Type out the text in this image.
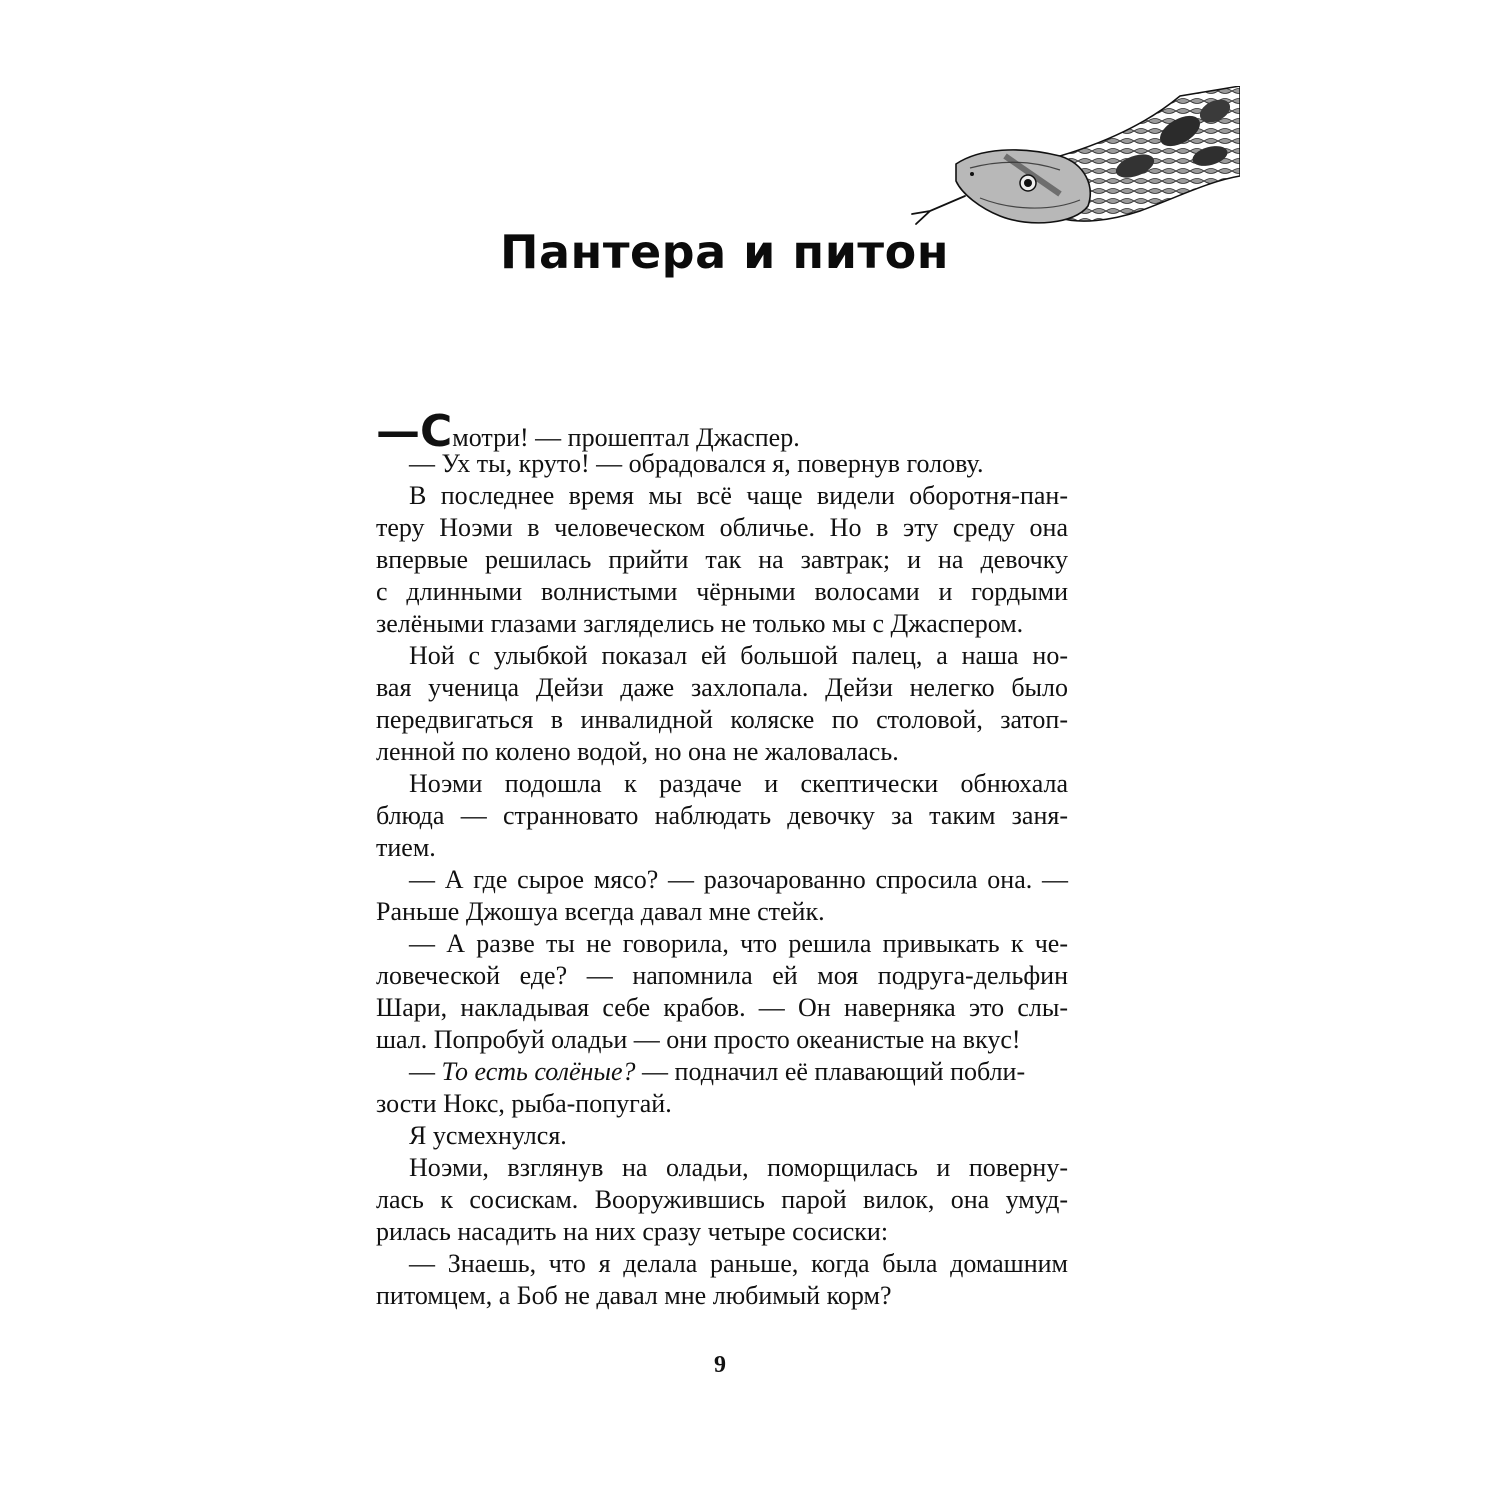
Пантера и питон
—Смотри! — прошептал Джаспер.
— Ух ты, круто! — обрадовался я, повернув голову.
В последнее время мы всё чаще видели оборотня-пан-
теру Ноэми в человеческом обличье. Но в эту среду она
впервые решилась прийти так на завтрак; и на девочку
с длинными волнистыми чёрными волосами и гордыми
зелёными глазами загляделись не только мы с Джаспером.
Ной с улыбкой показал ей большой палец, а наша но-
вая ученица Дейзи даже захлопала. Дейзи нелегко было
передвигаться в инвалидной коляске по столовой, затоп-
ленной по колено водой, но она не жаловалась.
Ноэми подошла к раздаче и скептически обнюхала
блюда — странновато наблюдать девочку за таким заня-
тием.
— А где сырое мясо? — разочарованно спросила она. —
Раньше Джошуа всегда давал мне стейк.
— А разве ты не говорила, что решила привыкать к че-
ловеческой еде? — напомнила ей моя подруга-дельфин
Шари, накладывая себе крабов. — Он наверняка это слы-
шал. Попробуй оладьи — они просто океанистые на вкус!
— То есть солёные? — подначил её плавающий побли-
зости Нокс, рыба-попугай.
Я усмехнулся.
Ноэми, взглянув на оладьи, поморщилась и поверну-
лась к сосискам. Вооружившись парой вилок, она умуд-
рилась насадить на них сразу четыре сосиски:
— Знаешь, что я делала раньше, когда была домашним
питомцем, а Боб не давал мне любимый корм?
9
